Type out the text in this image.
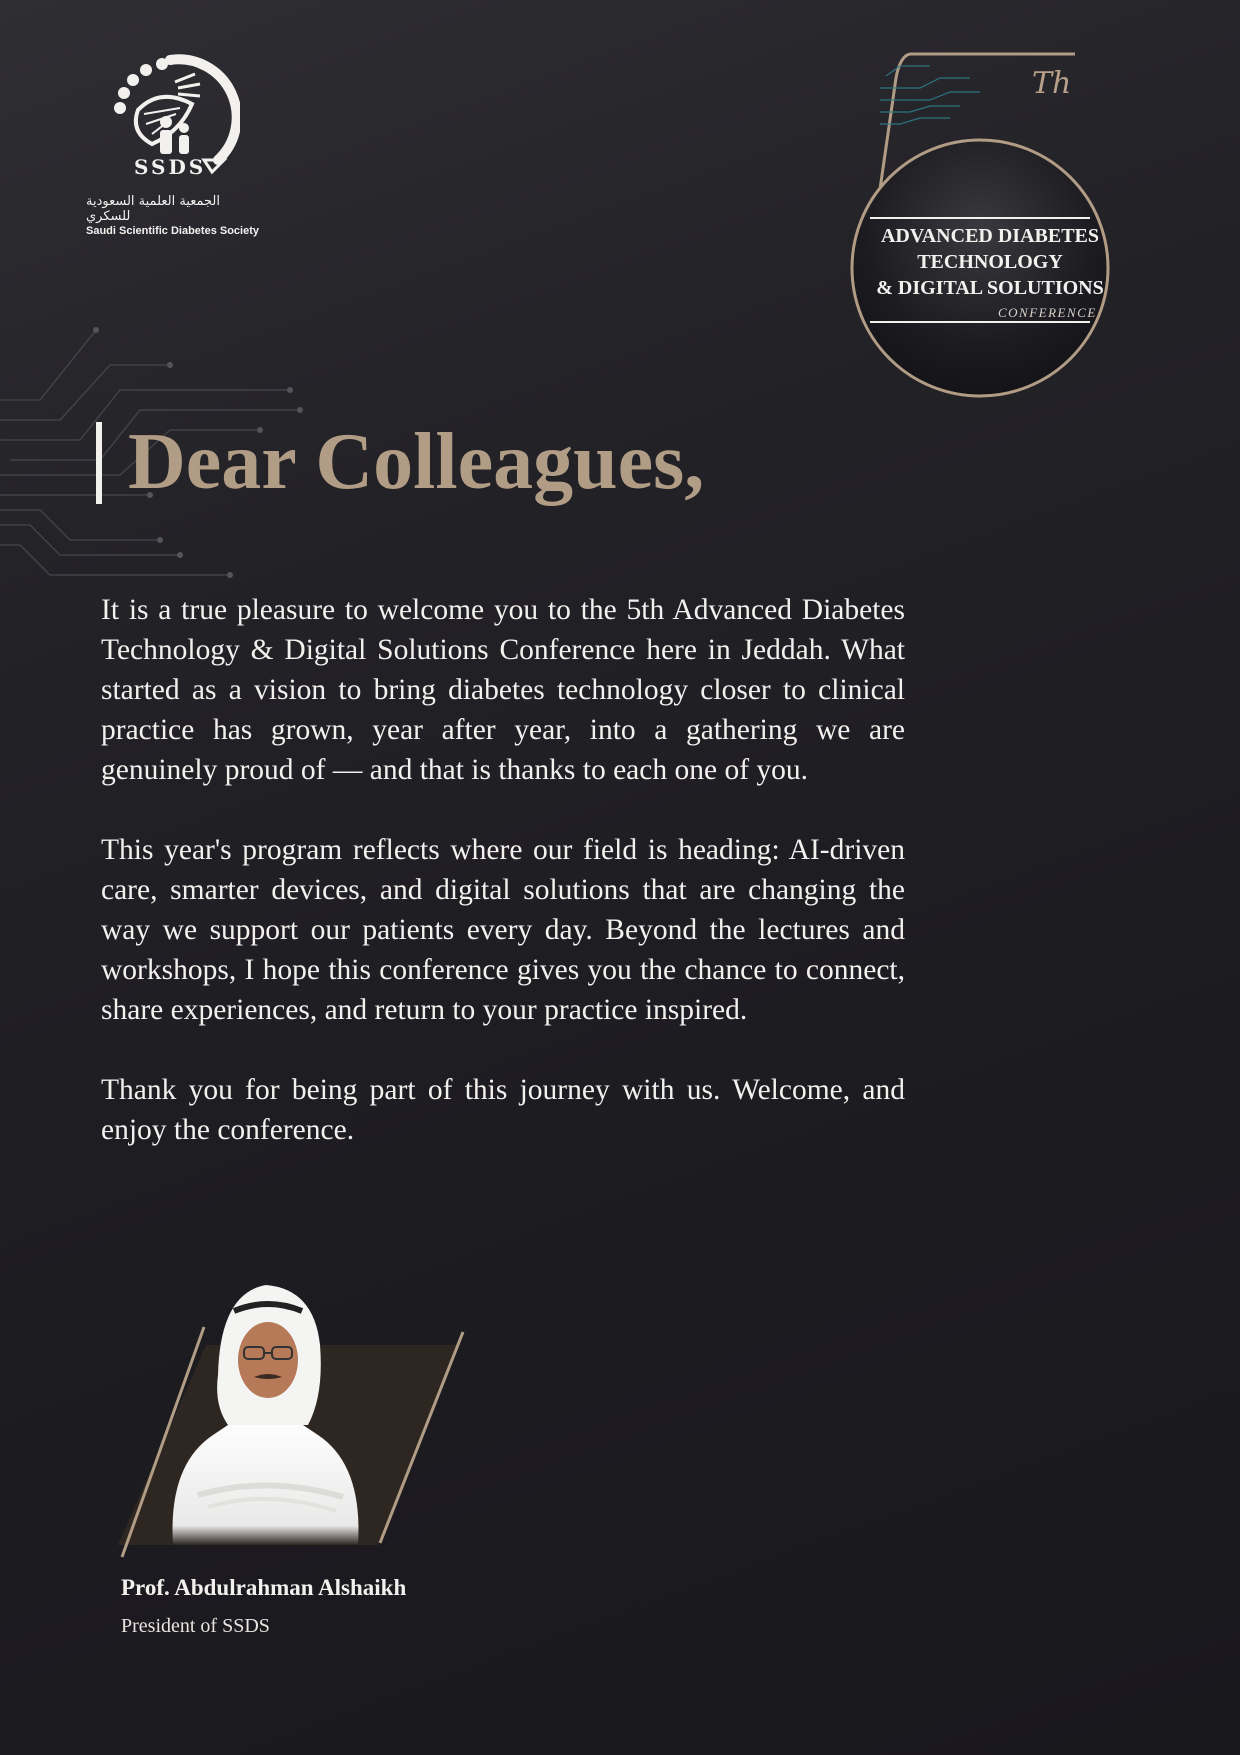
SSDS
الجمعية العلمية السعودية للسكري
Saudi Scientific Diabetes Society
Th
ADVANCED DIABETES
TECHNOLOGY
& DIGITAL SOLUTIONS
CONFERENCE
Dear Colleagues,

It is a true pleasure to welcome you to the 5th Advanced Diabetes Technology & Digital Solutions Conference here in Jeddah. What started as a vision to bring diabetes technology closer to clinical practice has grown, year after year, into a gathering we are genuinely proud of — and that is thanks to each one of you.

This year's program reflects where our field is heading: AI-driven care, smarter devices, and digital solutions that are changing the way we support our patients every day. Beyond the lectures and workshops, I hope this conference gives you the chance to connect, share experiences, and return to your practice inspired.

Thank you for being part of this journey with us. Welcome, and enjoy the conference.

Prof. Abdulrahman Alshaikh
President of SSDS
